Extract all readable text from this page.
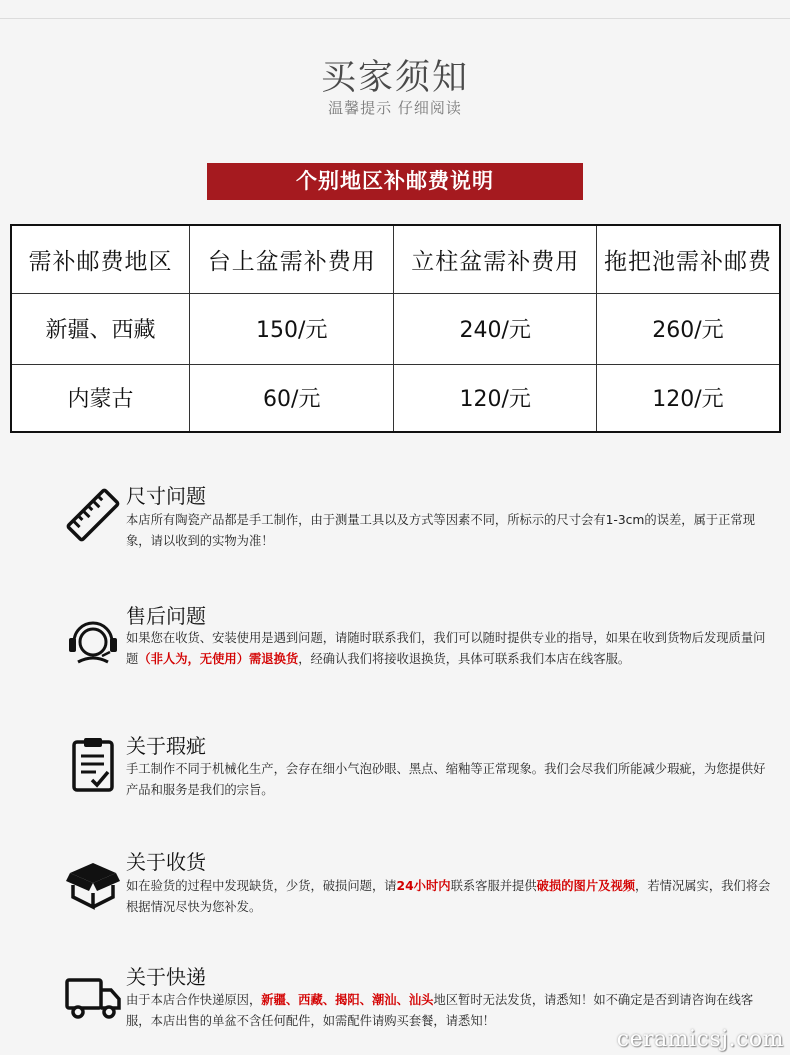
买家须知
温馨提示 仔细阅读
个别地区补邮费说明
需补邮费地区	台上盆需补费用	立柱盆需补费用	拖把池需补邮费
新疆、西藏	150/元	240/元	260/元
内蒙古	60/元	120/元	120/元
尺寸问题

本店所有陶瓷产品都是手工制作，由于测量工具以及方式等因素不同，所标示的尺寸会有1-3cm的误差，属于正常现象，请以收到的实物为准！

售后问题

如果您在收货、安装使用是遇到问题，请随时联系我们，我们可以随时提供专业的指导，如果在收到货物后发现质量问题（非人为，无使用）需退换货，经确认我们将接收退换货，具体可联系我们本店在线客服。

关于瑕疵

手工制作不同于机械化生产，会存在细小气泡砂眼、黑点、缩釉等正常现象。我们会尽我们所能减少瑕疵，为您提供好产品和服务是我们的宗旨。

关于收货

如在验货的过程中发现缺货，少货，破损问题，请24小时内联系客服并提供破损的图片及视频，若情况属实，我们将会根据情况尽快为您补发。

关于快递

由于本店合作快递原因，新疆、西藏、揭阳、潮汕、汕头地区暂时无法发货，请悉知！如不确定是否到请咨询在线客服，本店出售的单盆不含任何配件，如需配件请购买套餐，请悉知！

ceramicsj.com
